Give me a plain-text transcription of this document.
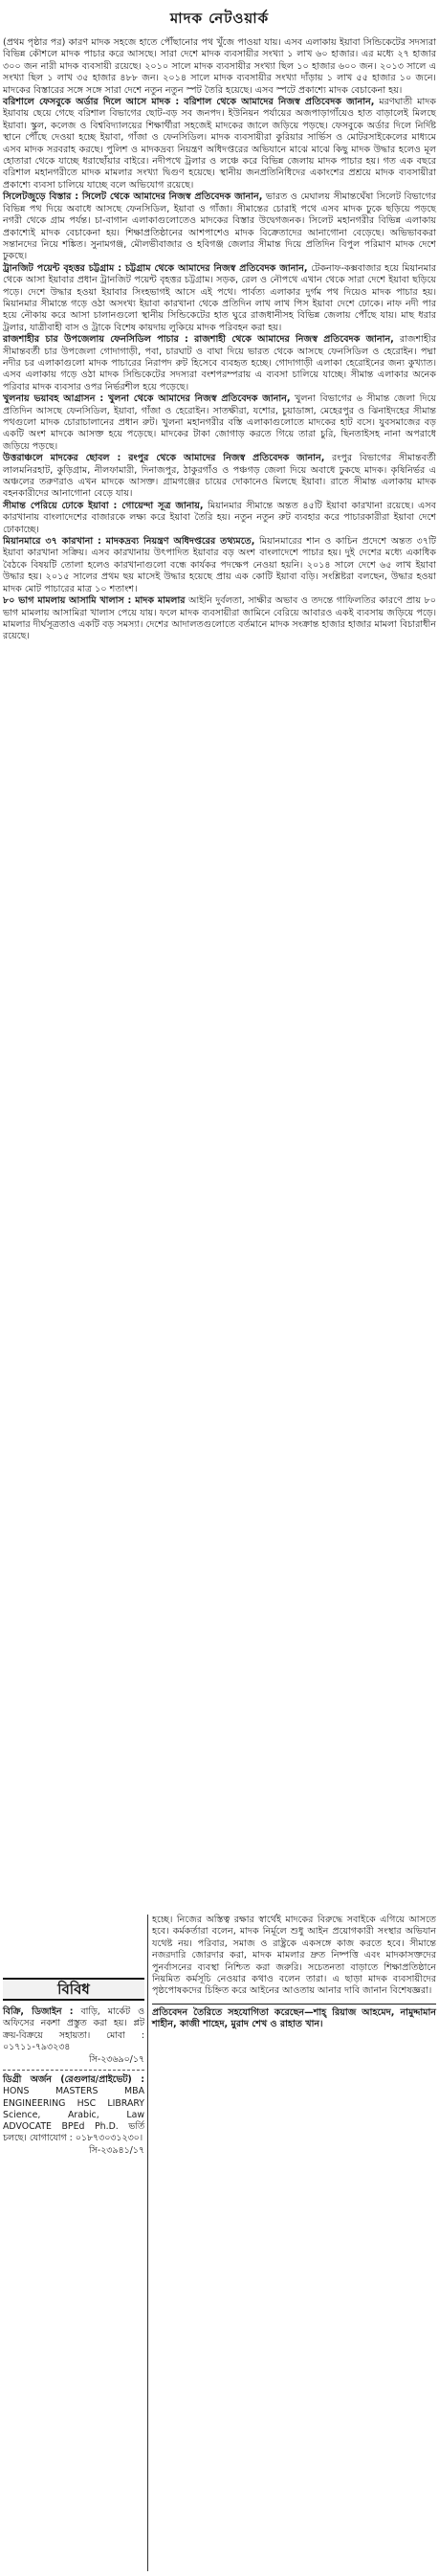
মাদক নেটওয়ার্ক

(প্রথম পৃষ্ঠার পর) কারণ মাদক সহজে হাতে পৌঁছানোর পথ খুঁজে পাওয়া যায়। এসব এলাকায় ইয়াবা সিন্ডিকেটের সদস্যরা বিভিন্ন কৌশলে মাদক পাচার করে আসছে। সারা দেশে মাদক ব্যবসায়ীর সংখ্যা ১ লাখ ৬০ হাজার। এর মধ্যে ২৭ হাজার ৩০০ জন নারী মাদক ব্যবসায়ী রয়েছে। ২০১০ সালে মাদক ব্যবসায়ীর সংখ্যা ছিল ১০ হাজার ৬০০ জন। ২০১৩ সালে এ সংখ্যা ছিল ১ লাখ ৩৫ হাজার ৪৮৮ জন। ২০১৪ সালে মাদক ব্যবসায়ীর সংখ্যা দাঁড়ায় ১ লাখ ৫৫ হাজার ১০ জনে। মাদকের বিস্তারের সঙ্গে সঙ্গে সারা দেশে নতুন নতুন স্পট তৈরি হয়েছে। এসব স্পটে প্রকাশ্যে মাদক বেচাকেনা হয়।

বরিশালে ফেসবুকে অর্ডার দিলে আসে মাদক : বরিশাল থেকে আমাদের নিজস্ব প্রতিবেদক জানান, মরণঘাতী মাদক ইয়াবায় ছেয়ে গেছে বরিশাল বিভাগের ছোট-বড় সব জনপদ। ইউনিয়ন পর্যায়ের অজপাড়াগাঁয়েও হাত বাড়ালেই মিলছে ইয়াবা। স্কুল, কলেজ ও বিশ্ববিদ্যালয়ের শিক্ষার্থীরা সহজেই মাদকের জালে জড়িয়ে পড়ছে। ফেসবুকে অর্ডার দিলে নির্দিষ্ট স্থানে পৌঁছে দেওয়া হচ্ছে ইয়াবা, গাঁজা ও ফেনসিডিল। মাদক ব্যবসায়ীরা কুরিয়ার সার্ভিস ও মোটরসাইকেলের মাধ্যমে এসব মাদক সরবরাহ করছে। পুলিশ ও মাদকদ্রব্য নিয়ন্ত্রণ অধিদপ্তরের অভিযানে মাঝে মাঝে কিছু মাদক উদ্ধার হলেও মূল হোতারা থেকে যাচ্ছে ধরাছোঁয়ার বাইরে। নদীপথে ট্রলার ও লঞ্চে করে বিভিন্ন জেলায় মাদক পাচার হয়। গত এক বছরে বরিশাল মহানগরীতে মাদক মামলার সংখ্যা দ্বিগুণ হয়েছে। স্থানীয় জনপ্রতিনিধিদের একাংশের প্রশ্রয়ে মাদক ব্যবসায়ীরা প্রকাশ্যে ব্যবসা চালিয়ে যাচ্ছে বলে অভিযোগ রয়েছে।

সিলেটজুড়ে বিস্তার : সিলেট থেকে আমাদের নিজস্ব প্রতিবেদক জানান, ভারত ও মেঘালয় সীমান্তঘেঁষা সিলেট বিভাগের বিভিন্ন পথ দিয়ে অবাধে আসছে ফেনসিডিল, ইয়াবা ও গাঁজা। সীমান্তের চোরাই পথে এসব মাদক ঢুকে ছড়িয়ে পড়ছে নগরী থেকে গ্রাম পর্যন্ত। চা-বাগান এলাকাগুলোতেও মাদকের বিস্তার উদ্বেগজনক। সিলেট মহানগরীর বিভিন্ন এলাকায় প্রকাশ্যেই মাদক বেচাকেনা হয়। শিক্ষাপ্রতিষ্ঠানের আশপাশেও মাদক বিক্রেতাদের আনাগোনা বেড়েছে। অভিভাবকরা সন্তানদের নিয়ে শঙ্কিত। সুনামগঞ্জ, মৌলভীবাজার ও হবিগঞ্জ জেলার সীমান্ত দিয়ে প্রতিদিন বিপুল পরিমাণ মাদক দেশে ঢুকছে।

ট্রানজিট পয়েন্ট বৃহত্তর চট্টগ্রাম : চট্টগ্রাম থেকে আমাদের নিজস্ব প্রতিবেদক জানান, টেকনাফ-কক্সবাজার হয়ে মিয়ানমার থেকে আসা ইয়াবার প্রধান ট্রানজিট পয়েন্ট বৃহত্তর চট্টগ্রাম। সড়ক, রেল ও নৌপথে এখান থেকে সারা দেশে ইয়াবা ছড়িয়ে পড়ে। দেশে উদ্ধার হওয়া ইয়াবার সিংহভাগই আসে এই পথে। পার্বত্য এলাকার দুর্গম পথ দিয়েও মাদক পাচার হয়। মিয়ানমার সীমান্তে গড়ে ওঠা অসংখ্য ইয়াবা কারখানা থেকে প্রতিদিন লাখ লাখ পিস ইয়াবা দেশে ঢোকে। নাফ নদী পার হয়ে নৌকায় করে আসা চালানগুলো স্থানীয় সিন্ডিকেটের হাত ঘুরে রাজধানীসহ বিভিন্ন জেলায় পৌঁছে যায়। মাছ ধরার ট্রলার, যাত্রীবাহী বাস ও ট্রাকে বিশেষ কায়দায় লুকিয়ে মাদক পরিবহন করা হয়।

রাজশাহীর চার উপজেলায় ফেনসিডিল পাচার : রাজশাহী থেকে আমাদের নিজস্ব প্রতিবেদক জানান, রাজশাহীর সীমান্তবর্তী চার উপজেলা গোদাগাড়ী, পবা, চারঘাট ও বাঘা দিয়ে ভারত থেকে আসছে ফেনসিডিল ও হেরোইন। পদ্মা নদীর চর এলাকাগুলো মাদক পাচারের নিরাপদ রুট হিসেবে ব্যবহৃত হচ্ছে। গোদাগাড়ী এলাকা হেরোইনের জন্য কুখ্যাত। এসব এলাকায় গড়ে ওঠা মাদক সিন্ডিকেটের সদস্যরা বংশপরম্পরায় এ ব্যবসা চালিয়ে যাচ্ছে। সীমান্ত এলাকার অনেক পরিবার মাদক ব্যবসার ওপর নির্ভরশীল হয়ে পড়েছে।

খুলনায় ভয়াবহ আগ্রাসন : খুলনা থেকে আমাদের নিজস্ব প্রতিবেদক জানান, খুলনা বিভাগের ৬ সীমান্ত জেলা দিয়ে প্রতিদিন আসছে ফেনসিডিল, ইয়াবা, গাঁজা ও হেরোইন। সাতক্ষীরা, যশোর, চুয়াডাঙ্গা, মেহেরপুর ও ঝিনাইদহের সীমান্ত পথগুলো মাদক চোরাচালানের প্রধান রুট। খুলনা মহানগরীর বস্তি এলাকাগুলোতে মাদকের হাট বসে। যুবসমাজের বড় একটি অংশ মাদকে আসক্ত হয়ে পড়েছে। মাদকের টাকা জোগাড় করতে গিয়ে তারা চুরি, ছিনতাইসহ নানা অপরাধে জড়িয়ে পড়ছে।

উত্তরাঞ্চলে মাদকের ছোবল : রংপুর থেকে আমাদের নিজস্ব প্রতিবেদক জানান, রংপুর বিভাগের সীমান্তবর্তী লালমনিরহাট, কুড়িগ্রাম, নীলফামারী, দিনাজপুর, ঠাকুরগাঁও ও পঞ্চগড় জেলা দিয়ে অবাধে ঢুকছে মাদক। কৃষিনির্ভর এ অঞ্চলের তরুণরাও এখন মাদকে আসক্ত। গ্রামগঞ্জের চায়ের দোকানেও মিলছে ইয়াবা। রাতে সীমান্ত এলাকায় মাদক বহনকারীদের আনাগোনা বেড়ে যায়।

সীমান্ত পেরিয়ে ঢোকে ইয়াবা : গোয়েন্দা সূত্র জানায়, মিয়ানমার সীমান্তে অন্তত ৪৫টি ইয়াবা কারখানা রয়েছে। এসব কারখানায় বাংলাদেশের বাজারকে লক্ষ্য করে ইয়াবা তৈরি হয়। নতুন নতুন রুট ব্যবহার করে পাচারকারীরা ইয়াবা দেশে ঢোকাচ্ছে।

মিয়ানমারে ৩৭ কারখানা : মাদকদ্রব্য নিয়ন্ত্রণ অধিদপ্তরের তথ্যমতে, মিয়ানমারের শান ও কাচিন প্রদেশে অন্তত ৩৭টি ইয়াবা কারখানা সক্রিয়। এসব কারখানায় উৎপাদিত ইয়াবার বড় অংশ বাংলাদেশে পাচার হয়। দুই দেশের মধ্যে একাধিক বৈঠকে বিষয়টি তোলা হলেও কারখানাগুলো বন্ধে কার্যকর পদক্ষেপ নেওয়া হয়নি। ২০১৪ সালে দেশে ৬৫ লাখ ইয়াবা উদ্ধার হয়। ২০১৫ সালের প্রথম ছয় মাসেই উদ্ধার হয়েছে প্রায় এক কোটি ইয়াবা বড়ি। সংশ্লিষ্টরা বলছেন, উদ্ধার হওয়া মাদক মোট পাচারের মাত্র ১০ শতাংশ।

৮০ ভাগ মামলায় আসামি খালাস : মাদক মামলার আইনি দুর্বলতা, সাক্ষীর অভাব ও তদন্তে গাফিলতির কারণে প্রায় ৮০ ভাগ মামলায় আসামিরা খালাস পেয়ে যায়। ফলে মাদক ব্যবসায়ীরা জামিনে বেরিয়ে আবারও একই ব্যবসায় জড়িয়ে পড়ে। মামলার দীর্ঘসূত্রতাও একটি বড় সমস্যা। দেশের আদালতগুলোতে বর্তমানে মাদক সংক্রান্ত হাজার হাজার মামলা বিচারাধীন রয়েছে।

বিবিধ
বিক্রি, ডিজাইন : বাড়ি, মার্কেট ও অফিসের নকশা প্রস্তুত করা হয়। প্লট ক্রয়-বিক্রয়ে সহায়তা। মোবা : ০১৭১১-৭৯৩২৩৪
সি-২৩৬৯০/১৭
ডিগ্রী অর্জন (রেগুলার/প্রাইভেট) : HONS MASTERS MBA ENGINEERING HSC LIBRARY Science, Arabic, Law ADVOCATE BPEd Ph.D. ভর্তি চলছে। যোগাযোগ : ০১৮৭৩০৩১২৩০।
সি-২৩৯৪১/১৭

হচ্ছে। নিজের অস্তিত্ব রক্ষার স্বার্থেই মাদকের বিরুদ্ধে সবাইকে এগিয়ে আসতে হবে। কর্মকর্তারা বলেন, মাদক নির্মূলে শুধু আইন প্রয়োগকারী সংস্থার অভিযান যথেষ্ট নয়। পরিবার, সমাজ ও রাষ্ট্রকে একসঙ্গে কাজ করতে হবে। সীমান্তে নজরদারি জোরদার করা, মাদক মামলার দ্রুত নিষ্পত্তি এবং মাদকাসক্তদের পুনর্বাসনের ব্যবস্থা নিশ্চিত করা জরুরি। সচেতনতা বাড়াতে শিক্ষাপ্রতিষ্ঠানে নিয়মিত কর্মসূচি নেওয়ার কথাও বলেন তারা। এ ছাড়া মাদক ব্যবসায়ীদের পৃষ্ঠপোষকদের চিহ্নিত করে আইনের আওতায় আনার দাবি জানান বিশেষজ্ঞরা।

প্রতিবেদন তৈরিতে সহযোগিতা করেছেন—শাহ্ রিয়াজ আহমেদ, নামুদ্দামান শাহীন, কাজী শাহেদ, মুরাদ শেখ ও রাহাত খান।
